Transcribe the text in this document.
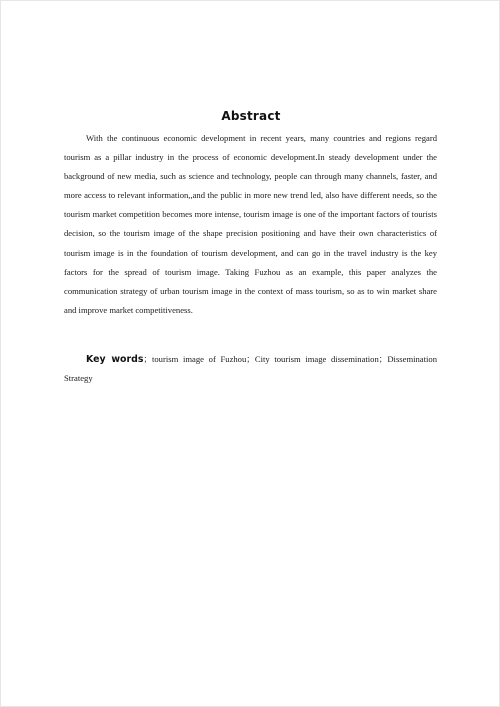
Abstract

With the continuous economic development in recent years, many countries and regions regard tourism as a pillar industry in the process of economic development.In steady development under the background of new media, such as science and technology, people can through many channels, faster, and more access to relevant information,,and the public in more new trend led, also have different needs, so the tourism market competition becomes more intense, tourism image is one of the important factors of tourists decision, so the tourism image of the shape precision positioning and have their own characteristics of tourism image is in the foundation of tourism development, and can go in the travel industry is the key factors for the spread of tourism image. Taking Fuzhou as an example, this paper analyzes the communication strategy of urban tourism image in the context of mass tourism, so as to win market share and improve market competitiveness.

Key words；tourism image of Fuzhou；City tourism image dissemination；Dissemination Strategy
